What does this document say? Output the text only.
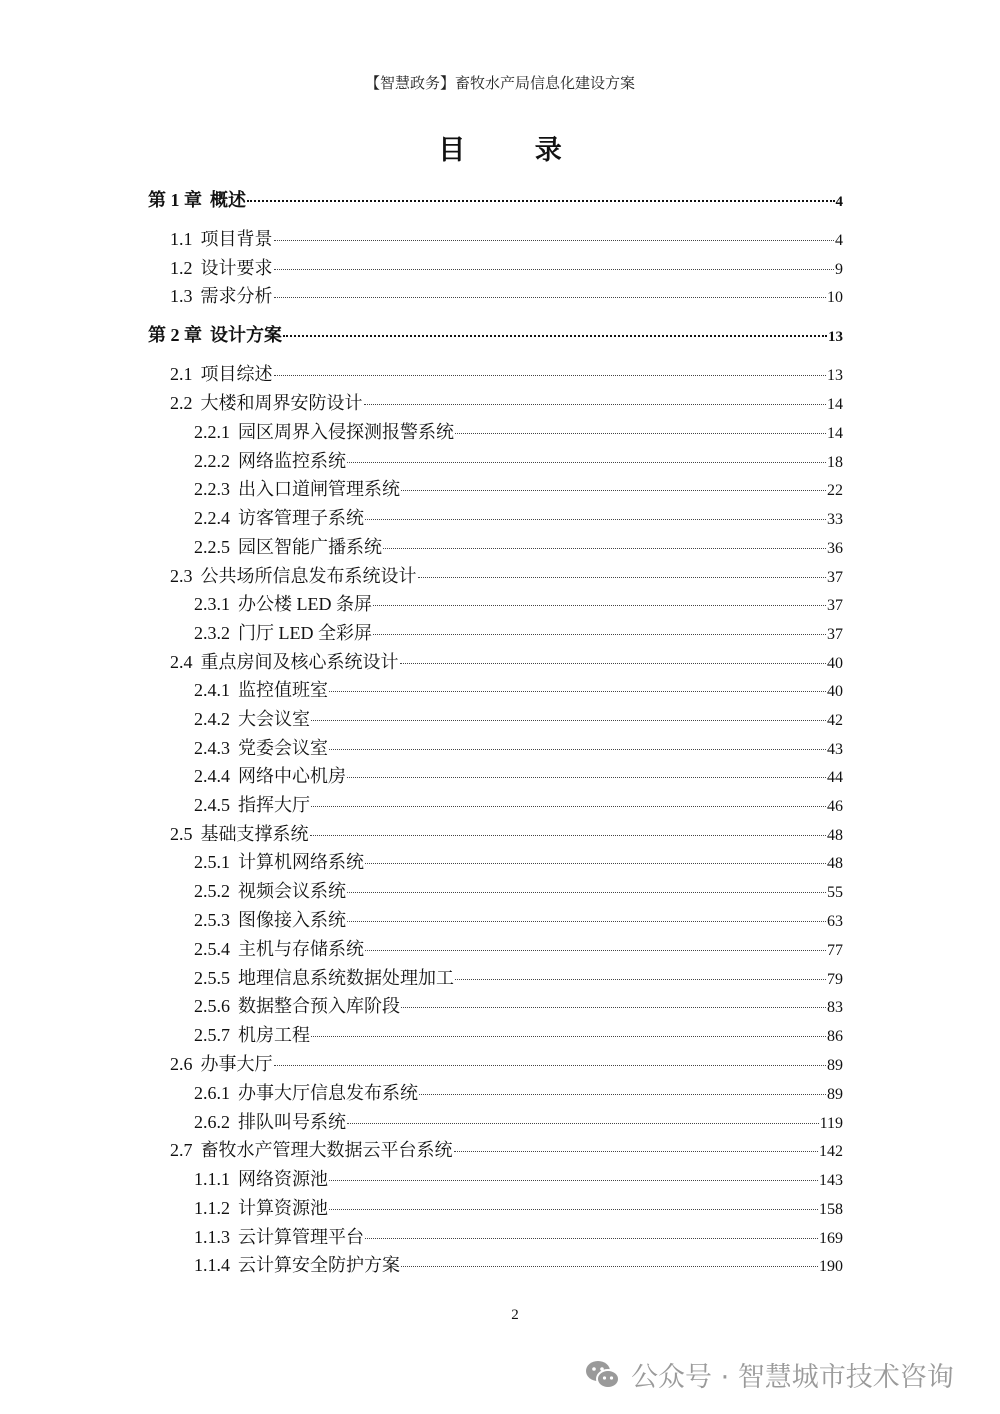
【智慧政务】畜牧水产局信息化建设方案
目 录
第 1 章 概述	4
1.1 项目背景	4
1.2 设计要求	9
1.3 需求分析	10
第 2 章 设计方案	13
2.1 项目综述	13
2.2 大楼和周界安防设计	14
2.2.1 园区周界入侵探测报警系统	14
2.2.2 网络监控系统	18
2.2.3 出入口道闸管理系统	22
2.2.4 访客管理子系统	33
2.2.5 园区智能广播系统	36
2.3 公共场所信息发布系统设计	37
2.3.1 办公楼 LED 条屏	37
2.3.2 门厅 LED 全彩屏	37
2.4 重点房间及核心系统设计	40
2.4.1 监控值班室	40
2.4.2 大会议室	42
2.4.3 党委会议室	43
2.4.4 网络中心机房	44
2.4.5 指挥大厅	46
2.5 基础支撑系统	48
2.5.1 计算机网络系统	48
2.5.2 视频会议系统	55
2.5.3 图像接入系统	63
2.5.4 主机与存储系统	77
2.5.5 地理信息系统数据处理加工	79
2.5.6 数据整合预入库阶段	83
2.5.7 机房工程	86
2.6 办事大厅	89
2.6.1 办事大厅信息发布系统	89
2.6.2 排队叫号系统	119
2.7 畜牧水产管理大数据云平台系统	142
1.1.1 网络资源池	143
1.1.2 计算资源池	158
1.1.3 云计算管理平台	169
1.1.4 云计算安全防护方案	190
2
公众号 · 智慧城市技术咨询
